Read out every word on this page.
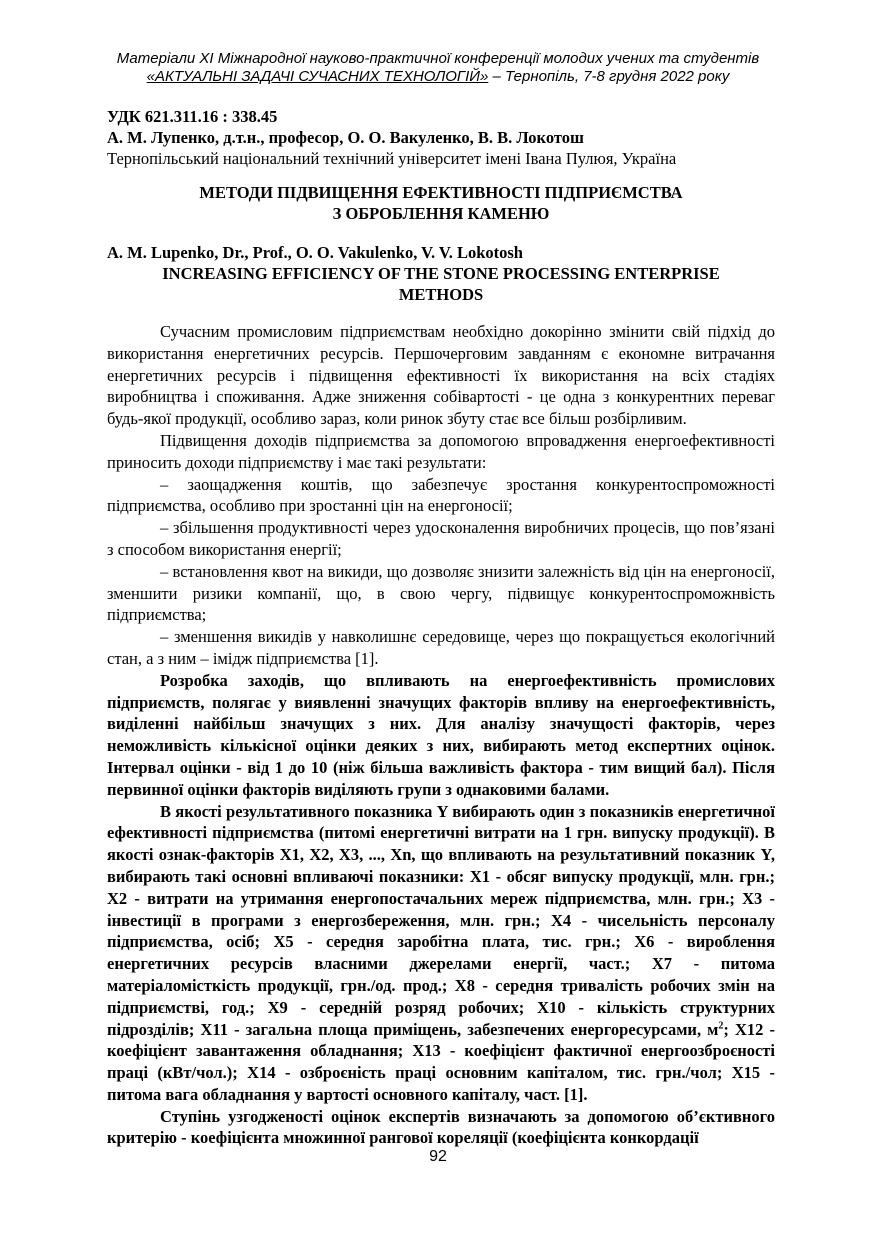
Матеріали XI Міжнародної науково-практичної конференції молодих учених та студентів
«АКТУАЛЬНІ ЗАДАЧІ СУЧАСНИХ ТЕХНОЛОГІЙ» – Тернопіль, 7-8 грудня 2022 року
УДК 621.311.16 : 338.45
А. М. Лупенко, д.т.н., професор, О. О. Вакуленко, В. В. Локотош
Тернопільський національний технічний університет імені Івана Пулюя, Україна
МЕТОДИ ПІДВИЩЕННЯ ЕФЕКТИВНОСТІ ПІДПРИЄМСТВА
З ОБРОБЛЕННЯ КАМЕНЮ
A. M. Lupenko, Dr., Prof., O. O. Vakulenko, V. V. Lokotosh
INCREASING EFFICIENCY OF THE STONE PROCESSING ENTERPRISE
METHODS

Сучасним промисловим підприємствам необхідно докорінно змінити свій підхід до використання енергетичних ресурсів. Першочерговим завданням є економне витрачання енергетичних ресурсів і підвищення ефективності їх використання на всіх стадіях виробництва і споживання. Адже зниження собівартості - це одна з конкурентних переваг будь-якої продукції, особливо зараз, коли ринок збуту стає все більш розбірливим.

Підвищення доходів підприємства за допомогою впровадження енергоефективності приносить доходи підприємству і має такі результати:

– заощадження коштів, що забезпечує зростання конкурентоспроможності підприємства, особливо при зростанні цін на енергоносії;

– збільшення продуктивності через удосконалення виробничих процесів, що пов’язані з способом використання енергії;

– встановлення квот на викиди, що дозволяє знизити залежність від цін на енергоносії, зменшити ризики компанії, що, в свою чергу, підвищує конкурентоспроможнвість підприємства;

– зменшення викидів у навколишнє середовище, через що покращується екологічний стан, а з ним – імідж підприємства [1].

Розробка заходів, що впливають на енергоефективність промислових підприємств, полягає у виявленні значущих факторів впливу на енергоефективність, виділенні найбільш значущих з них. Для аналізу значущості факторів, через неможливість кількісної оцінки деяких з них, вибирають метод експертних оцінок. Інтервал оцінки - від 1 до 10 (ніж більша важливість фактора - тим вищий бал). Після первинної оцінки факторів виділяють групи з однаковими балами.

В якості результативного показника Y вибирають один з показників енергетичної ефективності підприємства (питомі енергетичні витрати на 1 грн. випуску продукції). В якості ознак-факторів X1, X2, X3, ..., Xn, що впливають на результативний показник Y, вибирають такі основні впливаючі показники: X1 - обсяг випуску продукції, млн. грн.; X2 - витрати на утримання енергопостачальних мереж підприємства, млн. грн.; X3 - інвестиції в програми з енергозбереження, млн. грн.; X4 - чисельність персоналу підприємства, осіб; X5 - середня заробітна плата, тис. грн.; X6 - вироблення енергетичних ресурсів власними джерелами енергії, част.; X7 - питома матеріаломісткість продукції, грн./од. прод.; X8 - середня тривалість робочих змін на підприємстві, год.; X9 - середній розряд робочих; X10 - кількість структурних підрозділів; X11 - загальна площа приміщень, забезпечених енергоресурсами, $м^2$; X12 - коефіцієнт завантаження обладнання; X13 - коефіцієнт фактичної енергоозброєності праці (кВт/чол.); X14 - озброєність праці основним капіталом, тис. грн./чол; X15 - питома вага обладнання у вартості основного капіталу, част. [1].

Ступінь узгодженості оцінок експертів визначають за допомогою об’єктивного критерію - коефіцієнта множинної рангової кореляції (коефіцієнта конкордації

92
